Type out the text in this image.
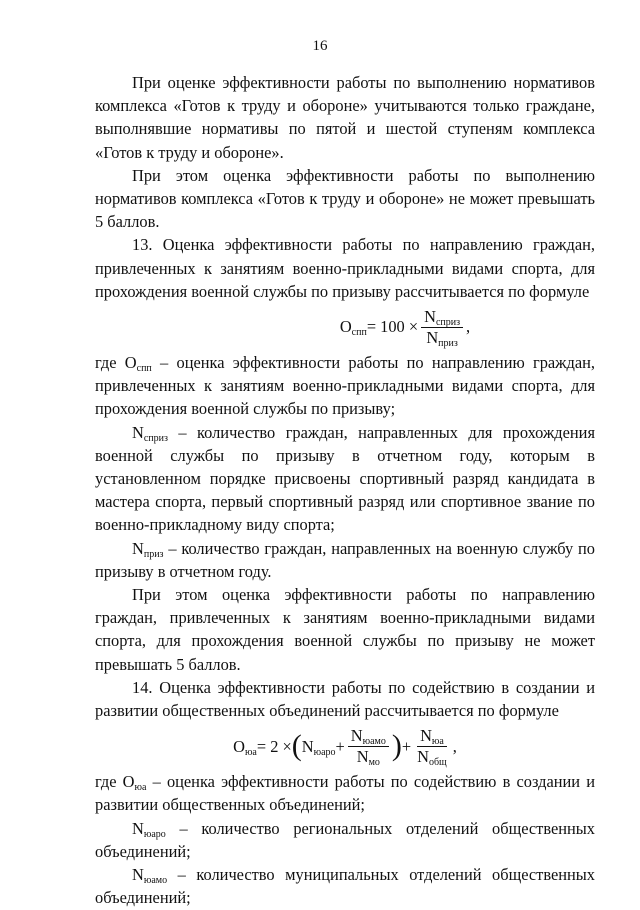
16

При оценке эффективности работы по выполнению нормативов комплекса «Готов к труду и обороне» учитываются только граждане, выполнявшие нормативы по пятой и шестой ступеням комплекса «Готов к труду и обороне».

При этом оценка эффективности работы по выполнению нормативов комплекса «Готов к труду и обороне» не может превышать 5 баллов.

13. Оценка эффективности работы по направлению граждан, привлеченных к занятиям военно-прикладными видами спорта, для прохождения военной службы по призыву рассчитывается по формуле

$О_{спп} = 100 \times \frac{N_{сприз}}{N_{приз}}$ ,

где $О_{спп}$ – оценка эффективности работы по направлению граждан, привлеченных к занятиям военно-прикладными видами спорта, для прохождения военной службы по призыву;

$N_{сприз}$ – количество граждан, направленных для прохождения военной службы по призыву в отчетном году, которым в установленном порядке присвоены спортивный разряд кандидата в мастера спорта, первый спортивный разряд или спортивное звание по военно-прикладному виду спорта;

$N_{приз}$ – количество граждан, направленных на военную службу по призыву в отчетном году.

При этом оценка эффективности работы по направлению граждан, привлеченных к занятиям военно-прикладными видами спорта, для прохождения военной службы по призыву не может превышать 5 баллов.

14. Оценка эффективности работы по содействию в создании и развитии общественных объединений рассчитывается по формуле

$О_{юа} = 2$ × ( $N_{юаро} + \frac{N_{юамо}}{N_{мо}}$ ) + $\frac{N_{юа}}{N_{общ}}$ ,

где $О_{юа}$ – оценка эффективности работы по содействию в создании и развитии общественных объединений;

$N_{юаро}$ – количество региональных отделений общественных объединений;

$N_{юамо}$ – количество муниципальных отделений общественных объединений;
